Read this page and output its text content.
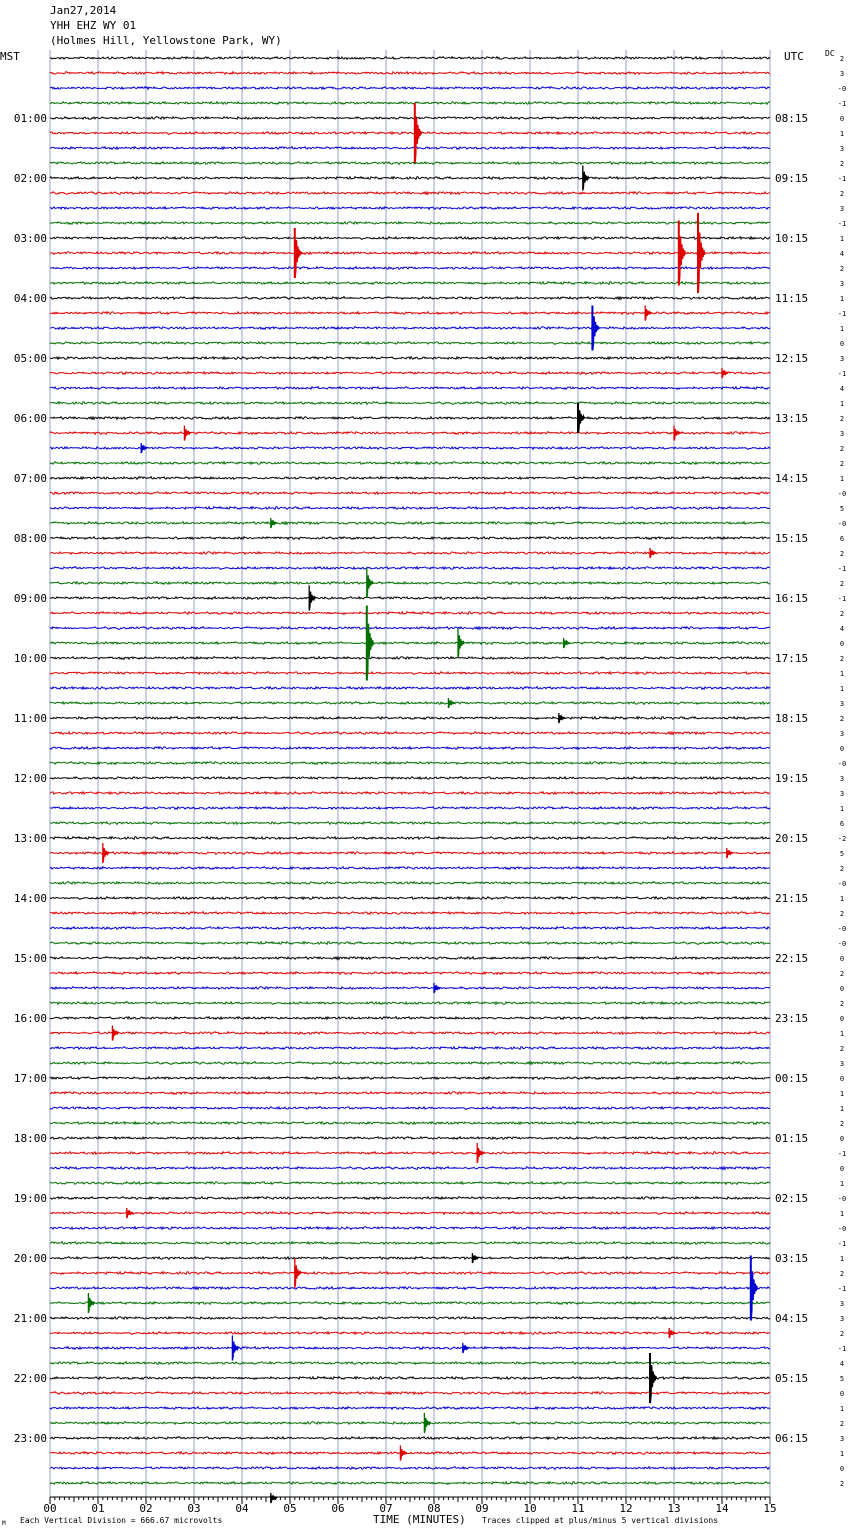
Jan27,2014
YHH EHZ WY 01
(Holmes Hill, Yellowstone Park, WY)
MST	UTC	DC
01:00
02:00
03:00
04:00
05:00
06:00
07:00
08:00
09:00
10:00
11:00
12:00
13:00
14:00
15:00
16:00
17:00
18:00
19:00
20:00
21:00
22:00
23:00
08:15
09:15
10:15
11:15
12:15
13:15
14:15
15:15
16:15
17:15
18:15
19:15
20:15
21:15
22:15
23:15
00:15
01:15
02:15
03:15
04:15
05:15
06:15
2
3
-0
-1
0
1
3
2
-1
2
3
-1
1
4
2
3
1
-1
1
0
3
-1
4
1
2
3
2
2
1
-0
5
-0
6
2
-1
2
-1
2
4
0
2
1
1
3
2
3
0
-0
3
3
1
6
-2
5
2
-0
1
2
-0
-0
0
2
0
2
0
1
2
3
0
1
1
2
0
-1
0
1
-0
1
-0
-1
1
2
-1
3
3
2
-1
4
5
0
1
2
3
1
0
2
00	01	02	03	04	05	06	07	08	09	10	11	12	13	14	15
TIME (MINUTES)
Each Vertical Division = 666.67 microvolts	Traces clipped at plus/minus 5 vertical divisions
M
